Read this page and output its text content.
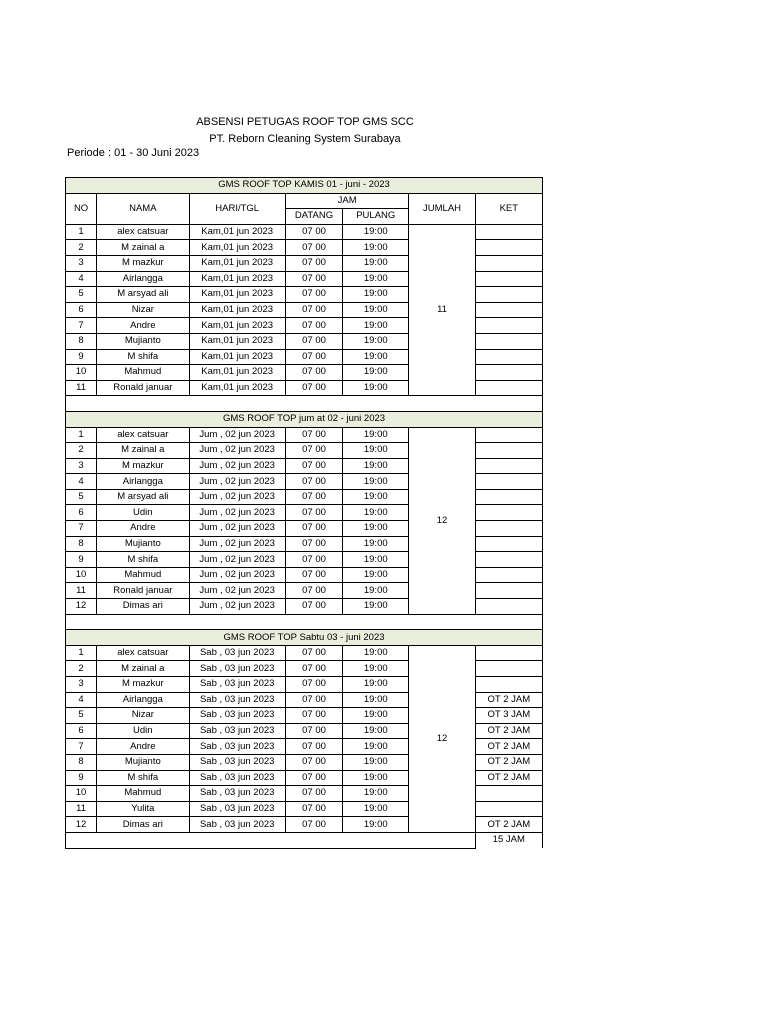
ABSENSI PETUGAS ROOF TOP GMS SCC
PT. Reborn Cleaning System Surabaya
Periode : 01 - 30 Juni 2023
GMS ROOF TOP KAMIS 01 - juni - 2023						
NO	NAMA	HARI/TGL	JAM		JUMLAH	KET
			DATANG	PULANG		
1	alex catsuar	Kam,01 jun 2023	07 00	19:00	11	
2	M zainal a	Kam,01 jun 2023	07 00	19:00		
3	M mazkur	Kam,01 jun 2023	07 00	19:00		
4	Airlangga	Kam,01 jun 2023	07 00	19:00		
5	M arsyad ali	Kam,01 jun 2023	07 00	19:00		
6	Nizar	Kam,01 jun 2023	07 00	19:00		
7	Andre	Kam,01 jun 2023	07 00	19:00		
8	Mujianto	Kam,01 jun 2023	07 00	19:00		
9	M shifa	Kam,01 jun 2023	07 00	19:00		
10	Mahmud	Kam,01 jun 2023	07 00	19:00		
11	Ronald januar	Kam,01 jun 2023	07 00	19:00		

GMS ROOF TOP jum at 02 - juni 2023						
1	alex catsuar	Jum , 02 jun 2023	07 00	19:00	12	
2	M zainal a	Jum , 02 jun 2023	07 00	19:00		
3	M mazkur	Jum , 02 jun 2023	07 00	19:00		
4	Airlangga	Jum , 02 jun 2023	07 00	19:00		
5	M arsyad ali	Jum , 02 jun 2023	07 00	19:00		
6	Udin	Jum , 02 jun 2023	07 00	19:00		
7	Andre	Jum , 02 jun 2023	07 00	19:00		
8	Mujianto	Jum , 02 jun 2023	07 00	19:00		
9	M shifa	Jum , 02 jun 2023	07 00	19:00		
10	Mahmud	Jum , 02 jun 2023	07 00	19:00		
11	Ronald januar	Jum , 02 jun 2023	07 00	19:00		
12	Dimas ari	Jum , 02 jun 2023	07 00	19:00		

GMS ROOF TOP Sabtu 03 - juni 2023						
1	alex catsuar	Sab , 03 jun 2023	07 00	19:00	12	
2	M zainal a	Sab , 03 jun 2023	07 00	19:00		
3	M mazkur	Sab , 03 jun 2023	07 00	19:00		
4	Airlangga	Sab , 03 jun 2023	07 00	19:00		OT 2 JAM
5	Nizar	Sab , 03 jun 2023	07 00	19:00		OT 3 JAM
6	Udin	Sab , 03 jun 2023	07 00	19:00		OT 2 JAM
7	Andre	Sab , 03 jun 2023	07 00	19:00		OT 2 JAM
8	Mujianto	Sab , 03 jun 2023	07 00	19:00		OT 2 JAM
9	M shifa	Sab , 03 jun 2023	07 00	19:00		OT 2 JAM
10	Mahmud	Sab , 03 jun 2023	07 00	19:00		
11	Yulita	Sab , 03 jun 2023	07 00	19:00		
12	Dimas ari	Sab , 03 jun 2023	07 00	19:00		OT 2 JAM
						15 JAM
